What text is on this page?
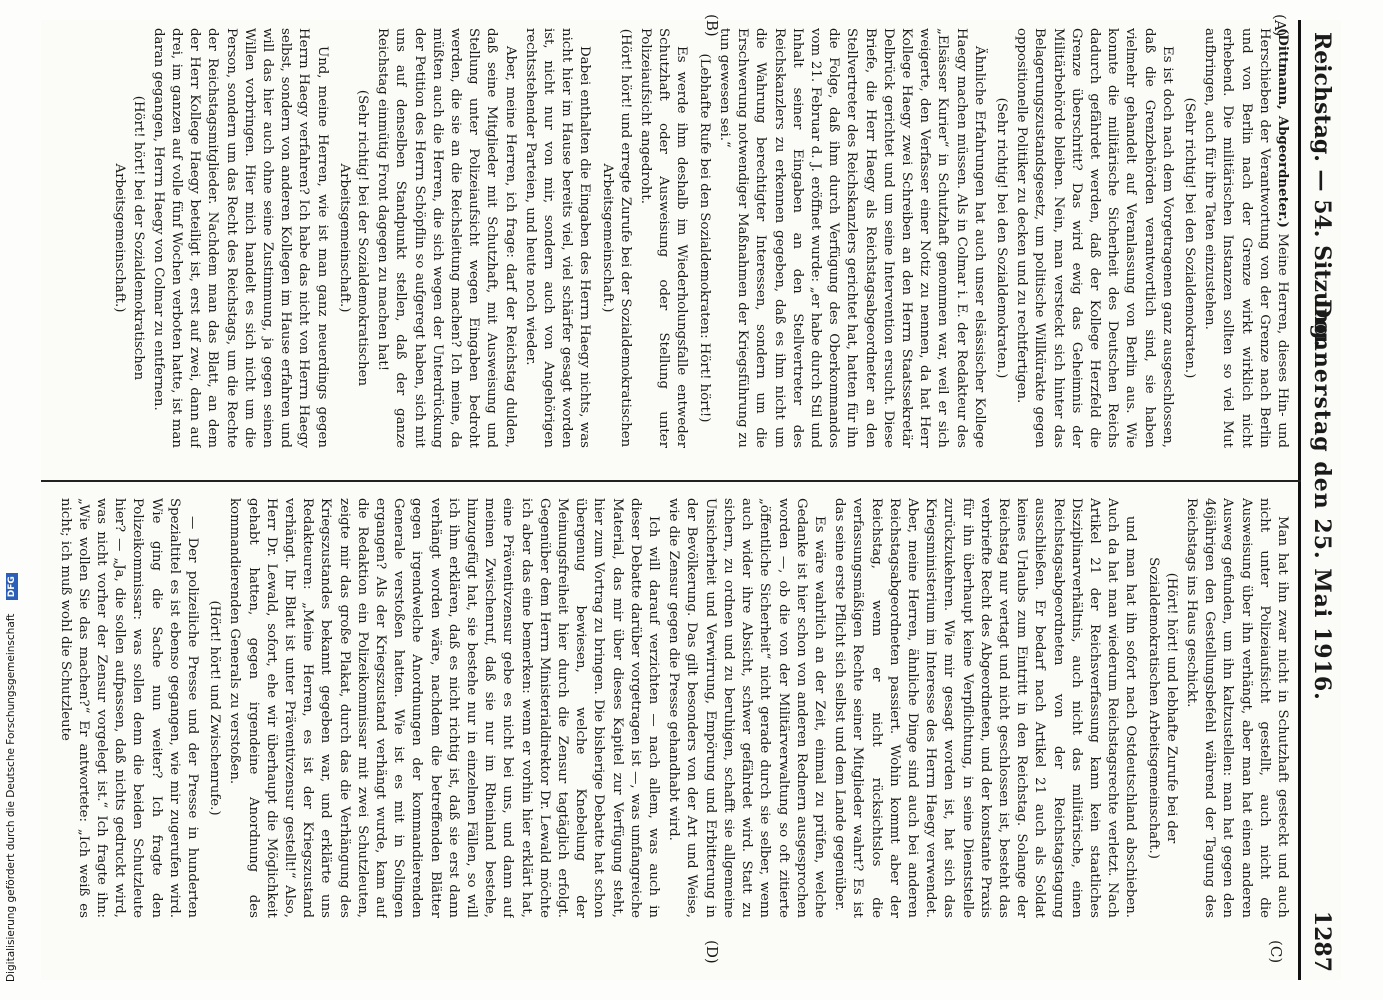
Reichstag. — 54. Sitzung.
Donnerstag den 25. Mai 1916.
1287
(A)
(B)
(C)
(D)

(Dittmann, Abgeordneter.) Meine Herren, dieses Hin- und Herschieben der Verantwortung von der Grenze nach Berlin und von Berlin nach der Grenze wirkt wirklich nicht erhebend. Die militärischen Instanzen sollten so viel Mut aufbringen, auch für ihre Taten einzustehen.

(Sehr richtig! bei den Sozialdemokraten.)

Es ist doch nach dem Vorgetragenen ganz ausgeschlossen, daß die Grenzbehörden verantwortlich sind, sie haben vielmehr gehandelt auf Veranlassung von Berlin aus. Wie konnte die militärische Sicherheit des Deutschen Reichs dadurch gefährdet werden, daß der Kollege Herzfeld die Grenze überschritt? Das wird ewig das Geheimnis der Militärbehörde bleiben. Nein, man versteckt sich hinter das Belagerungszustandsgesetz, um politische Willkürakte gegen oppositionelle Politiker zu decken und zu rechtfertigen.

(Sehr richtig! bei den Sozialdemokraten.)

Ähnliche Erfahrungen hat auch unser elsässischer Kollege Haegy machen müssen. Als in Colmar i. E. der Redakteur des „Elsässer Kurier“ in Schutzhaft genommen war, weil er sich weigerte, den Verfasser einer Notiz zu nennen, da hat Herr Kollege Haegy zwei Schreiben an den Herrn Staatssekretär Delbrück gerichtet und um seine Intervention ersucht. Diese Briefe, die Herr Haegy als Reichstagsabgeordneter an den Stellvertreter des Reichskanzlers gerichtet hat, hatten für ihn die Folge, daß ihm durch Verfügung des Oberkommandos vom 21. Februar d. J. eröffnet wurde: „er habe durch Stil und Inhalt seiner Eingaben an den Stellvertreter des Reichskanzlers zu erkennen gegeben, daß es ihm nicht um die Wahrung berechtigter Interessen, sondern um die Erschwerung notwendiger Maßnahmen der Kriegsführung zu tun gewesen sei.“

(Lebhafte Rufe bei den Sozialdemokraten: Hört! hört!)

Es werde ihm deshalb im Wiederholungsfalle entweder Schutzhaft oder Ausweisung oder Stellung unter Polizeiaufsicht angedroht.

(Hört! hört! und erregte Zurufe bei der Sozialdemokratischen Arbeitsgemeinschaft.)

Dabei enthalten die Eingaben des Herrn Haegy nichts, was nicht hier im Hause bereits viel, viel schärfer gesagt worden ist, nicht nur von mir, sondern auch von Angehörigen rechtsstehender Parteien, und heute noch wieder.

Aber, meine Herren, ich frage: darf der Reichstag dulden, daß seine Mitglieder mit Schutzhaft, mit Ausweisung und Stellung unter Polizeiaufsicht wegen Eingaben bedroht werden, die sie an die Reichsleitung machen? Ich meine, da müßten auch die Herren, die sich wegen der Unterdrückung der Petition des Herrn Schöpflin so aufgeregt haben, sich mit uns auf denselben Standpunkt stellen, daß der ganze Reichstag einmütig Front dagegen zu machen hat!

(Sehr richtig! bei der Sozialdemokratischen Arbeitsgemeinschaft.)

Und, meine Herren, wie ist man ganz neuerdings gegen Herrn Haegy verfahren? Ich habe das nicht von Herrn Haegy selbst, sondern von anderen Kollegen im Hause erfahren und will das hier auch ohne seine Zustimmung, ja gegen seinen Willen vorbringen. Hier mich handelt es sich nicht um die Person, sondern um das Recht des Reichstags, um die Rechte der Reichstagsmitglieder. Nachdem man das Blatt, an dem der Herr Kollege Haegy beteiligt ist, erst auf zwei, dann auf drei, im ganzen auf volle fünf Wochen verboten hatte, ist man daran gegangen, Herrn Haegy von Colmar zu entfernen.

(Hört! hört! bei der Sozialdemokratischen Arbeitsgemeinschaft.)

Man hat ihn zwar nicht in Schutzhaft gesteckt und auch nicht unter Polizeiaufsicht gestellt, auch nicht die Ausweisung über ihn verhängt, aber man hat einen anderen Ausweg gefunden, um ihn kaltzustellen: man hat gegen den 46jährigen den Gestellungsbefehl während der Tagung des Reichstags ins Haus geschickt.

(Hört! hört! und lebhafte Zurufe bei der Sozialdemokratischen Arbeitsgemeinschaft.)

und man hat ihn sofort nach Ostdeutschland abschieben. Auch da hat man wiederum Reichstagsrechte verletzt. Nach Artikel 21 der Reichsverfassung kann kein staatliches Disziplinarverhältnis, auch nicht das militärische, einen Reichstagsabgeordneten von der Reichstagstagung ausschließen. Er bedarf nach Artikel 21 auch als Soldat keines Urlaubs zum Eintritt in den Reichstag. Solange der Reichstag nur vertagt und nicht geschlossen ist, besteht das verbriefte Recht des Abgeordneten, und der konstante Praxis für ihn überhaupt keine Verpflichtung, in seine Dienststelle zurückzukehren. Wie mir gesagt worden ist, hat sich das Kriegsministerium im Interesse des Herrn Haegy verwendet. Aber, meine Herren, ähnliche Dinge sind auch bei anderen Reichstagsabgeordneten passiert. Wohin kommt aber der Reichstag, wenn er nicht rücksichtslos die verfassungsmäßigen Rechte seiner Mitglieder wahrt? Es ist das seine erste Pflicht sich selbst und dem Lande gegenüber.

Es wäre wahrlich an der Zeit, einmal zu prüfen, welche Gedanke ist hier schon von anderen Rednern ausgesprochen worden —, ob die von der Militärverwaltung so oft zitierte „öffentliche Sicherheit“ nicht gerade durch sie selber, wenn auch wider ihre Absicht, schwer gefährdet wird. Statt zu sichern, zu ordnen und zu beruhigen, schafft sie allgemeine Unsicherheit und Verwirrung, Empörung und Erbitterung in der Bevölkerung. Das gilt besonders von der Art und Weise, wie die Zensur gegen die Presse gehandhabt wird.

Ich will darauf verzichten — nach allem, was auch in dieser Debatte darüber vorgetragen ist —, was umfangreiche Material, das mir über dieses Kapitel zur Verfügung steht, hier zum Vortrag zu bringen. Die bisherige Debatte hat schon übergenug bewiesen, welche Knebelung der Meinungsfreiheit hier durch die Zensur tagtäglich erfolgt. Gegenüber dem Herrn Ministerialdirektor Dr. Lewald möchte ich aber das eine bemerken: wenn er vorhin hier erklärt hat, eine Präventivzensur gebe es nicht bei uns, und dann auf meinen Zwischenruf, daß sie nur im Rheinland bestehe, hinzugefügt hat, sie bestehe nur in einzelnen Fällen, so will ich ihm erklären, daß es nicht richtig ist, daß sie erst dann verhängt worden wäre, nachdem die betreffenden Blätter gegen irgendwelche Anordnungen der kommandierenden Generale verstoßen hatten. Wie ist es mit in Solingen ergangen? Als der Kriegszustand verhängt wurde, kam auf die Redaktion ein Polizeikommissar mit zwei Schutzleuten, zeigte mir das große Plakat, durch das die Verhängung des Kriegszustandes bekannt gegeben war, und erklärte uns Redakteuren: „Meine Herren, es ist der Kriegszustand verhängt. Ihr Blatt ist unter Präventivzensur gestellt!“ Also, Herr Dr. Lewald, sofort, ehe wir überhaupt die Möglichkeit gehabt hatten, gegen irgendeine Anordnung des kommandierenden Generals zu verstoßen.

(Hört! hört! und Zwischenrufe.)

— Der polizeiliche Presse und der Presse in hunderten Spezialtitel es ist ebenso gegangen, wie mir zugerufen wird. Wie ging die Sache nun weiter? Ich fragte den Polizeikommissar: was sollen denn die beiden Schutzleute hier? — „Ja, die sollen aufpassen, daß nichts gedruckt wird, was nicht vorher der Zensur vorgelegt ist.“ Ich fragte ihn: „Wie wollen Sie das machen?“ Er antwortete: „Ich weiß es nicht; ich muß wohl die Schutzleute

Digitalisierung gefördert durch die Deutsche Forschungsgemeinschaft DFG
